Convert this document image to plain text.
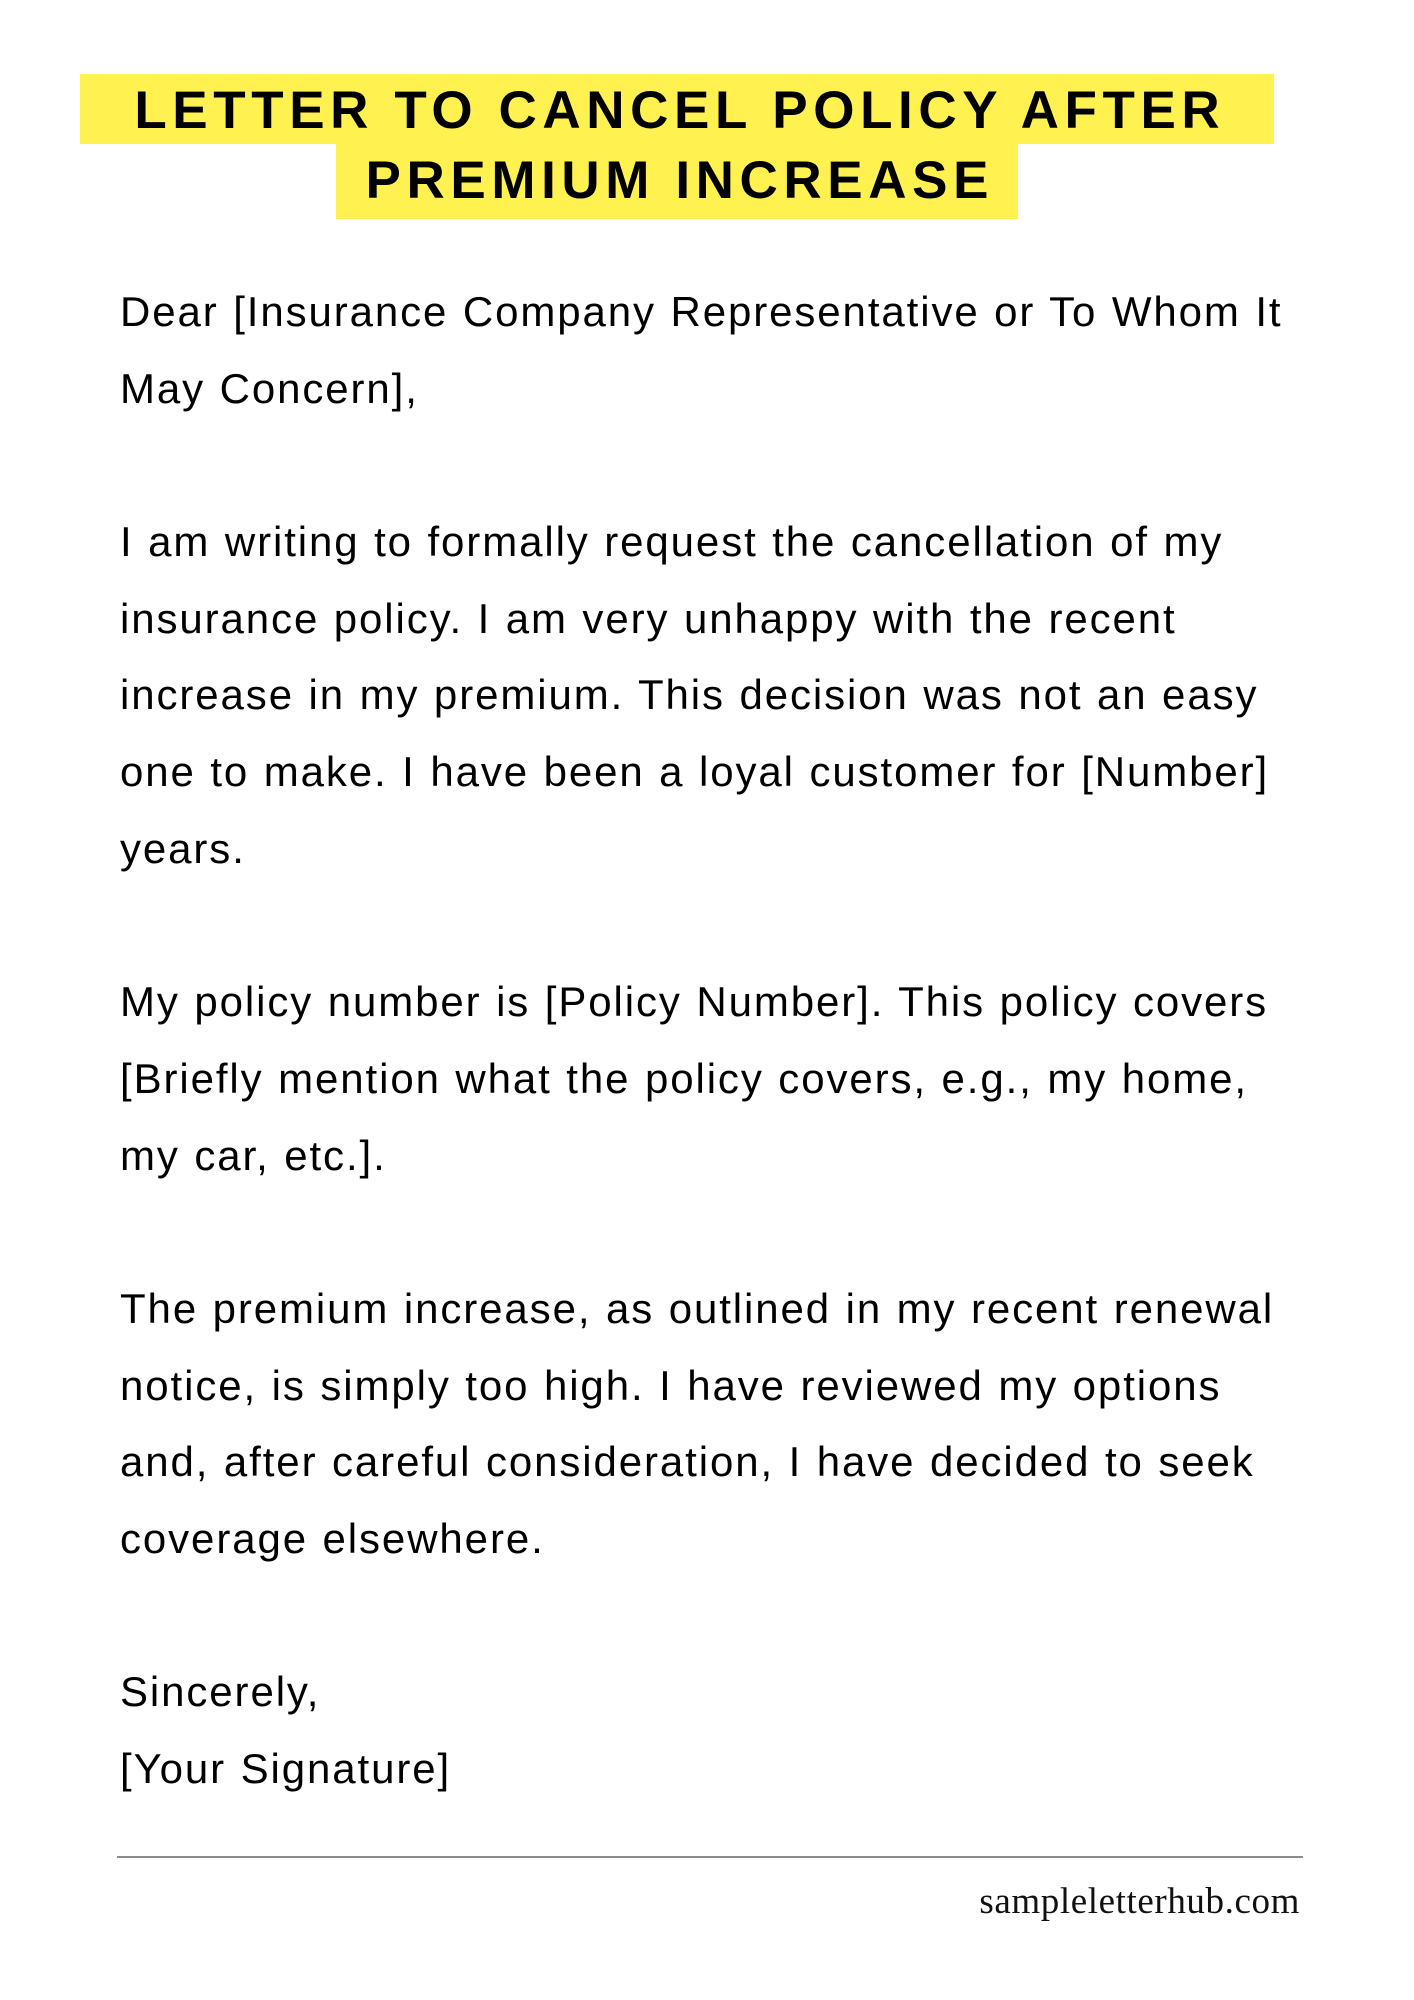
LETTER TO CANCEL POLICY AFTER
PREMIUM INCREASE
Dear [Insurance Company Representative or To Whom It
May Concern],
I am writing to formally request the cancellation of my
insurance policy. I am very unhappy with the recent
increase in my premium. This decision was not an easy
one to make. I have been a loyal customer for [Number]
years.
My policy number is [Policy Number]. This policy covers
[Briefly mention what the policy covers, e.g., my home,
my car, etc.].
The premium increase, as outlined in my recent renewal
notice, is simply too high. I have reviewed my options
and, after careful consideration, I have decided to seek
coverage elsewhere.
Sincerely,
[Your Signature]
sampleletterhub.com
